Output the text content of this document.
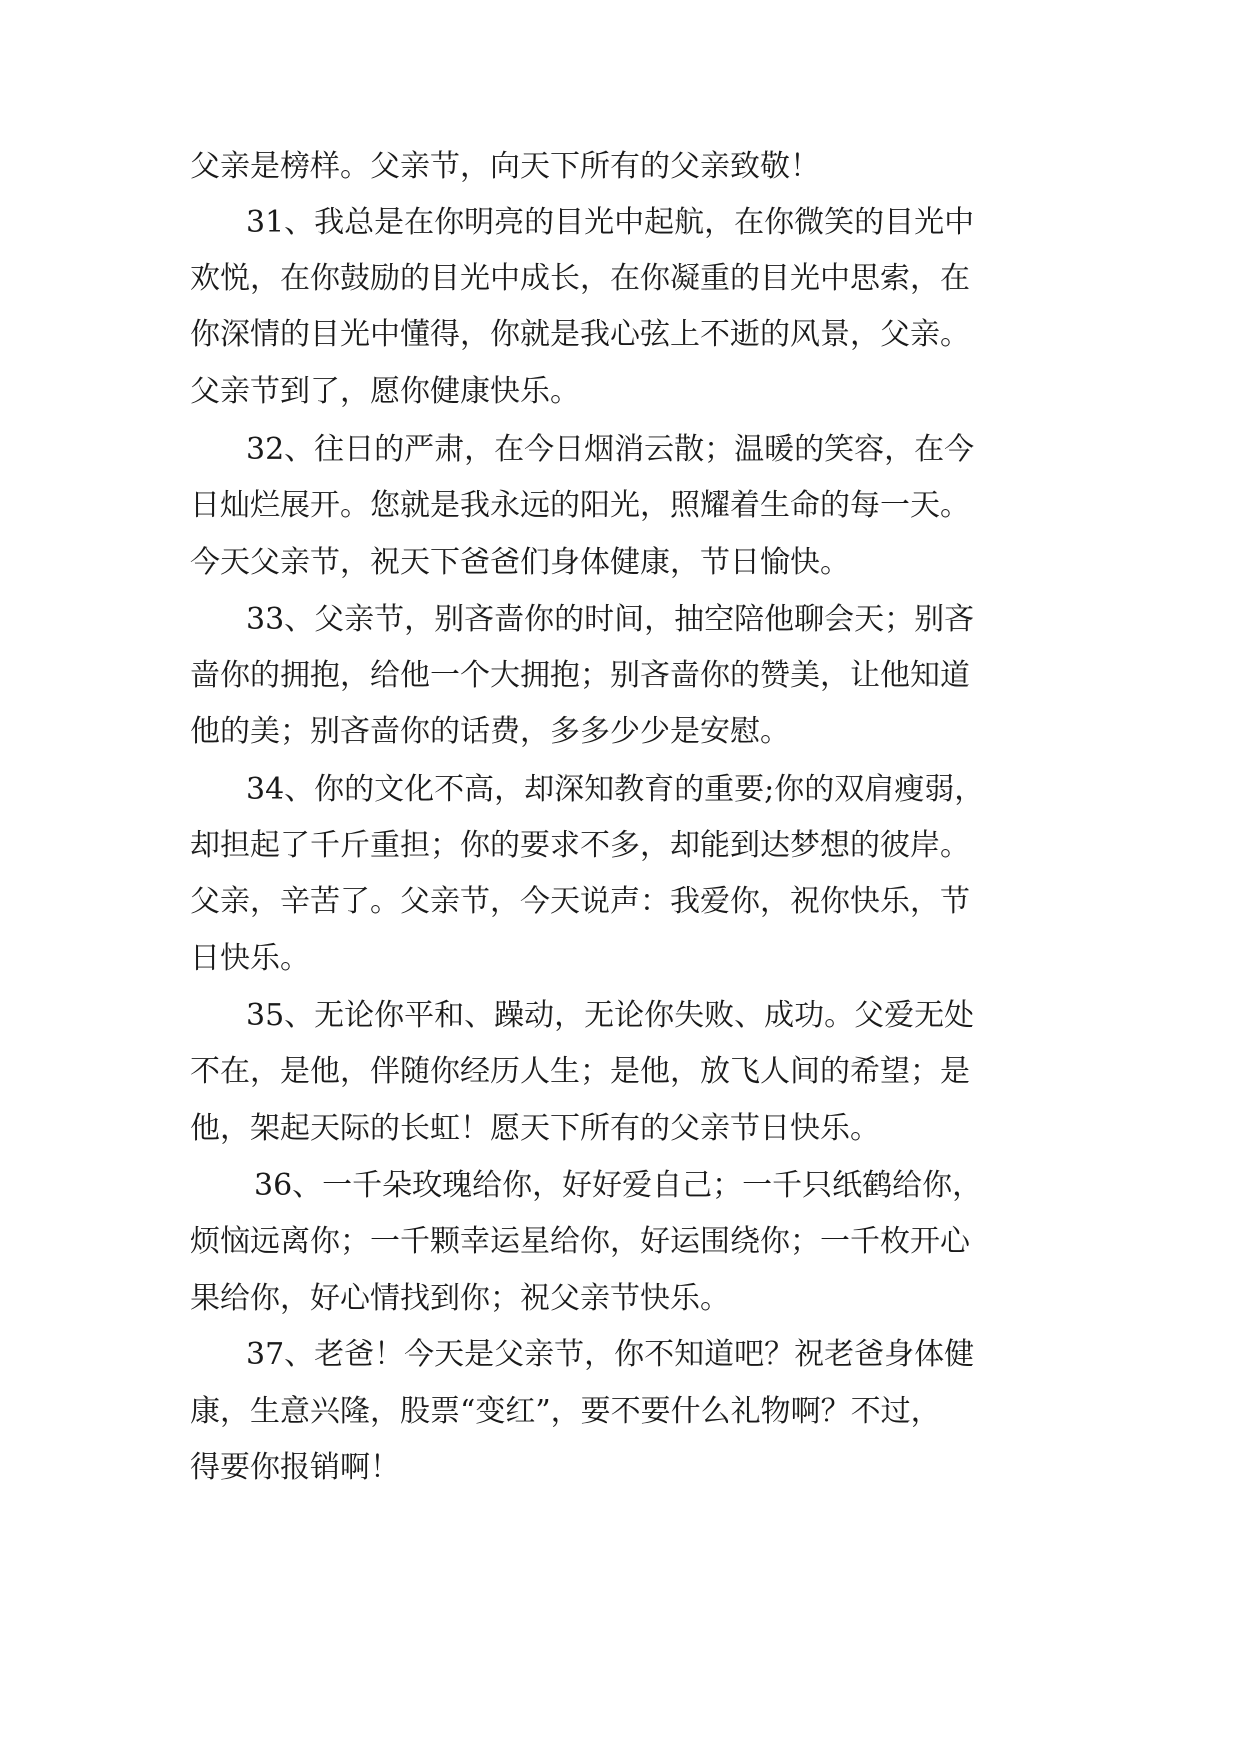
父亲是榜样。父亲节，向天下所有的父亲致敬！

31、我总是在你明亮的目光中起航，在你微笑的目光中

欢悦，在你鼓励的目光中成长，在你凝重的目光中思索，在

你深情的目光中懂得，你就是我心弦上不逝的风景，父亲。

父亲节到了，愿你健康快乐。

32、往日的严肃，在今日烟消云散；温暖的笑容，在今

日灿烂展开。您就是我永远的阳光，照耀着生命的每一天。

今天父亲节，祝天下爸爸们身体健康，节日愉快。

33、父亲节，别吝啬你的时间，抽空陪他聊会天；别吝

啬你的拥抱，给他一个大拥抱；别吝啬你的赞美，让他知道

他的美；别吝啬你的话费，多多少少是安慰。

34、你的文化不高，却深知教育的重要;你的双肩瘦弱，

却担起了千斤重担；你的要求不多，却能到达梦想的彼岸。

父亲，辛苦了。父亲节，今天说声：我爱你，祝你快乐，节

日快乐。

35、无论你平和、躁动，无论你失败、成功。父爱无处

不在，是他，伴随你经历人生；是他，放飞人间的希望；是

他，架起天际的长虹！愿天下所有的父亲节日快乐。

36、一千朵玫瑰给你，好好爱自己；一千只纸鹤给你，

烦恼远离你；一千颗幸运星给你，好运围绕你；一千枚开心

果给你，好心情找到你；祝父亲节快乐。

37、老爸！今天是父亲节，你不知道吧？祝老爸身体健

康，生意兴隆，股票“变红”，要不要什么礼物啊？不过，

得要你报销啊！
